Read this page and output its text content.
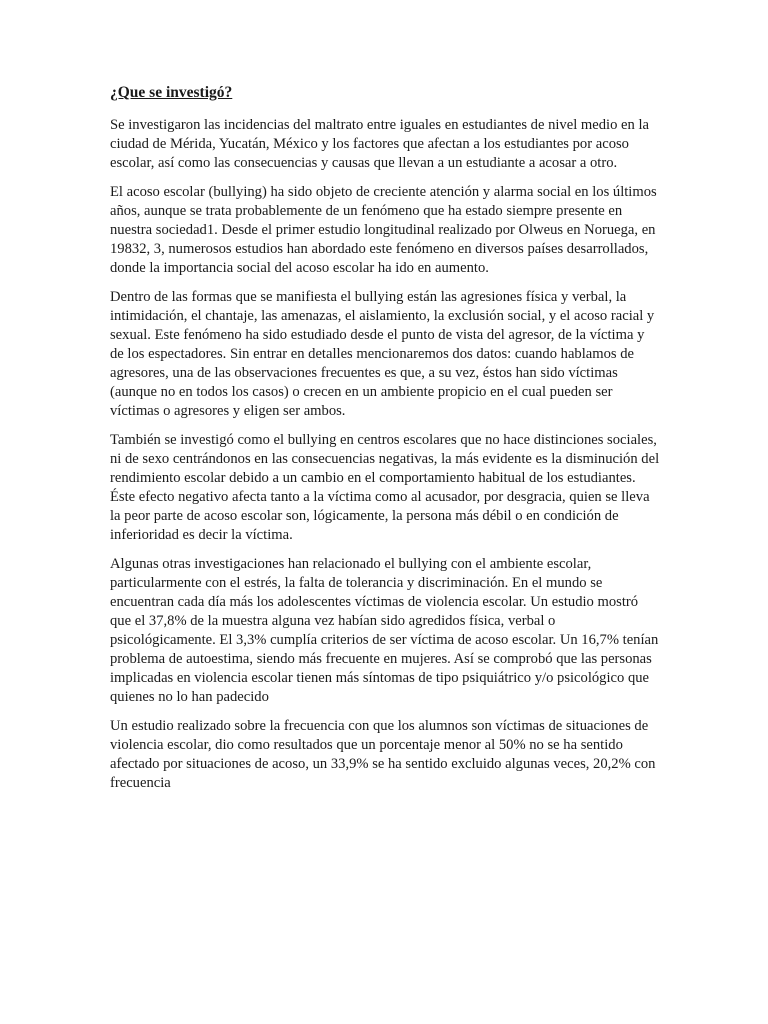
¿Que se investigó?

Se investigaron las incidencias del maltrato entre iguales en estudiantes de nivel medio en la ciudad de Mérida, Yucatán, México y los factores que afectan a los estudiantes por acoso escolar, así como las consecuencias y causas que llevan a un estudiante a acosar a otro.

El acoso escolar (bullying) ha sido objeto de creciente atención y alarma social en los últimos años, aunque se trata probablemente de un fenómeno que ha estado siempre presente en nuestra sociedad1. Desde el primer estudio longitudinal realizado por Olweus en Noruega, en 19832, 3, numerosos estudios han abordado este fenómeno en diversos países desarrollados, donde la importancia social del acoso escolar ha ido en aumento.

Dentro de las formas que se manifiesta el bullying están las agresiones física y verbal, la intimidación, el chantaje, las amenazas, el aislamiento, la exclusión social, y el acoso racial y sexual. Este fenómeno ha sido estudiado desde el punto de vista del agresor, de la víctima y de los espectadores. Sin entrar en detalles mencionaremos dos datos: cuando hablamos de agresores, una de las observaciones frecuentes es que, a su vez, éstos han sido víctimas (aunque no en todos los casos) o crecen en un ambiente propicio en el cual pueden ser víctimas o agresores y eligen ser ambos.

También se investigó como el bullying en centros escolares que no hace distinciones sociales, ni de sexo centrándonos en las consecuencias negativas, la más evidente es la disminución del rendimiento escolar debido a un cambio en el comportamiento habitual de los estudiantes. Éste efecto negativo afecta tanto a la víctima como al acusador, por desgracia, quien se lleva la peor parte de acoso escolar son, lógicamente, la persona más débil o en condición de inferioridad es decir la víctima.

Algunas otras investigaciones han relacionado el bullying con el ambiente escolar, particularmente con el estrés, la falta de tolerancia y discriminación. En el mundo se encuentran cada día más los adolescentes víctimas de violencia escolar. Un estudio mostró que el 37,8% de la muestra alguna vez habían sido agredidos física, verbal o psicológicamente. El 3,3% cumplía criterios de ser víctima de acoso escolar. Un 16,7% tenían problema de autoestima, siendo más frecuente en mujeres. Así se comprobó que las personas implicadas en violencia escolar tienen más síntomas de tipo psiquiátrico y/o psicológico que quienes no lo han padecido

Un estudio realizado sobre la frecuencia con que los alumnos son víctimas de situaciones de violencia escolar, dio como resultados que un porcentaje menor al 50% no se ha sentido afectado por situaciones de acoso, un 33,9% se ha sentido excluido algunas veces, 20,2% con frecuencia
